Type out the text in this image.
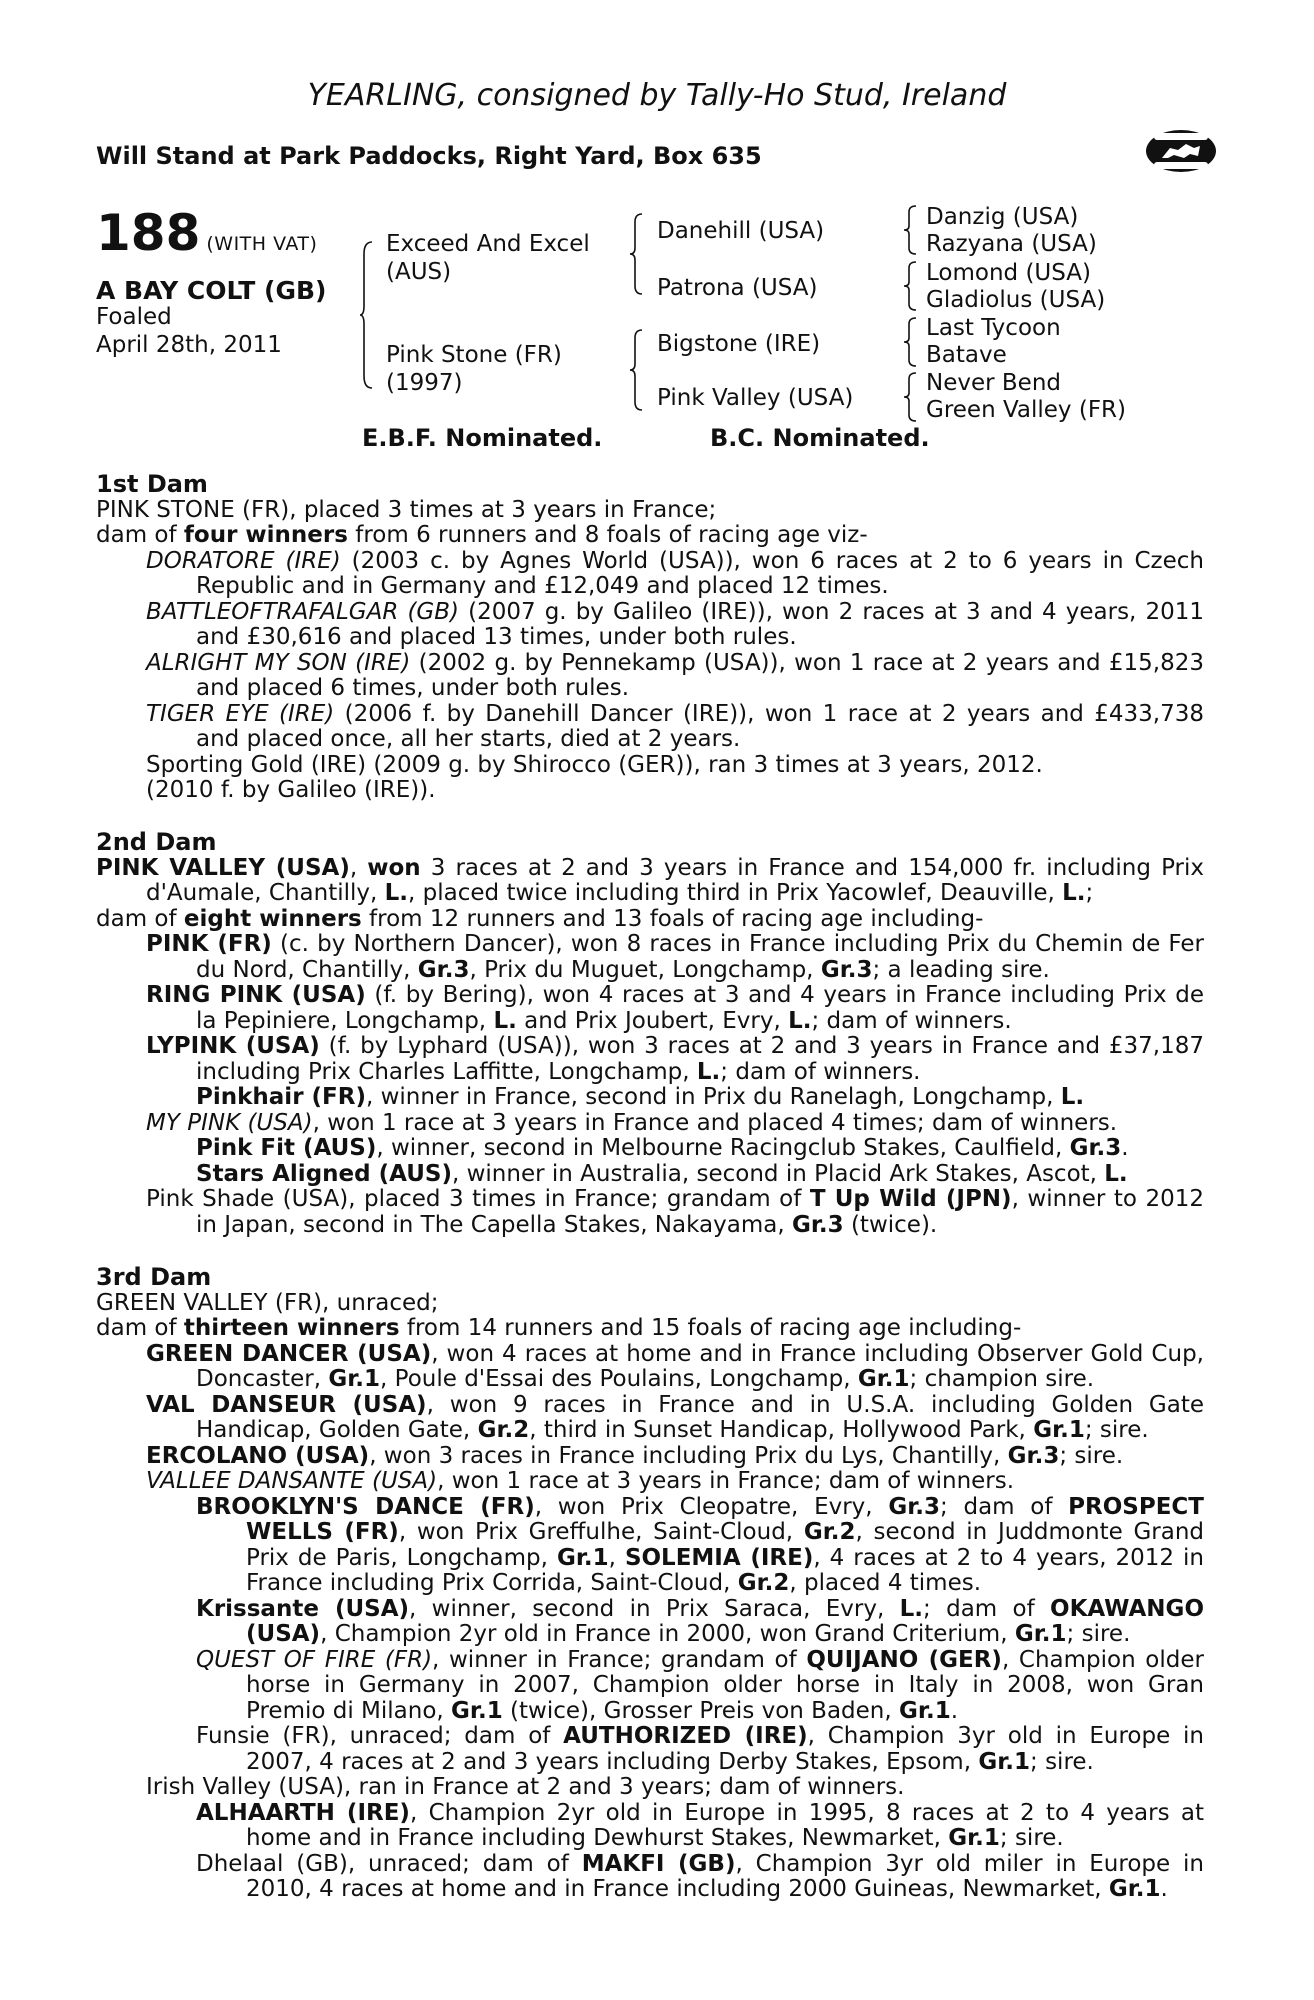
YEARLING, consigned by Tally-Ho Stud, Ireland
Will Stand at Park Paddocks, Right Yard, Box 635
188 (WITH VAT)
A BAY COLT (GB)
Foaled
April 28th, 2011
Exceed And Excel (AUS)
Pink Stone (FR) (1997)
Danehill (USA)
Patrona (USA)
Bigstone (IRE)
Pink Valley (USA)
Danzig (USA)
Razyana (USA)
Lomond (USA)
Gladiolus (USA)
Last Tycoon
Batave
Never Bend
Green Valley (FR)
E.B.F. Nominated.	B.C. Nominated.

1st Dam

PINK STONE (FR), placed 3 times at 3 years in France;

dam of four winners from 6 runners and 8 foals of racing age viz-

DORATORE (IRE) (2003 c. by Agnes World (USA)), won 6 races at 2 to 6 years in Czech Republic and in Germany and £12,049 and placed 12 times.

BATTLEOFTRAFALGAR (GB) (2007 g. by Galileo (IRE)), won 2 races at 3 and 4 years, 2011 and £30,616 and placed 13 times, under both rules.

ALRIGHT MY SON (IRE) (2002 g. by Pennekamp (USA)), won 1 race at 2 years and £15,823 and placed 6 times, under both rules.

TIGER EYE (IRE) (2006 f. by Danehill Dancer (IRE)), won 1 race at 2 years and £433,738 and placed once, all her starts, died at 2 years.

Sporting Gold (IRE) (2009 g. by Shirocco (GER)), ran 3 times at 3 years, 2012.

(2010 f. by Galileo (IRE)).

2nd Dam

PINK VALLEY (USA), won 3 races at 2 and 3 years in France and 154,000 fr. including Prix d'Aumale, Chantilly, L., placed twice including third in Prix Yacowlef, Deauville, L.;

dam of eight winners from 12 runners and 13 foals of racing age including-

PINK (FR) (c. by Northern Dancer), won 8 races in France including Prix du Chemin de Fer du Nord, Chantilly, Gr.3, Prix du Muguet, Longchamp, Gr.3; a leading sire.

RING PINK (USA) (f. by Bering), won 4 races at 3 and 4 years in France including Prix de la Pepiniere, Longchamp, L. and Prix Joubert, Evry, L.; dam of winners.

LYPINK (USA) (f. by Lyphard (USA)), won 3 races at 2 and 3 years in France and £37,187 including Prix Charles Laffitte, Longchamp, L.; dam of winners.

Pinkhair (FR), winner in France, second in Prix du Ranelagh, Longchamp, L.

MY PINK (USA), won 1 race at 3 years in France and placed 4 times; dam of winners.

Pink Fit (AUS), winner, second in Melbourne Racingclub Stakes, Caulfield, Gr.3.

Stars Aligned (AUS), winner in Australia, second in Placid Ark Stakes, Ascot, L.

Pink Shade (USA), placed 3 times in France; grandam of T Up Wild (JPN), winner to 2012 in Japan, second in The Capella Stakes, Nakayama, Gr.3 (twice).

3rd Dam

GREEN VALLEY (FR), unraced;

dam of thirteen winners from 14 runners and 15 foals of racing age including-

GREEN DANCER (USA), won 4 races at home and in France including Observer Gold Cup, Doncaster, Gr.1, Poule d'Essai des Poulains, Longchamp, Gr.1; champion sire.

VAL DANSEUR (USA), won 9 races in France and in U.S.A. including Golden Gate Handicap, Golden Gate, Gr.2, third in Sunset Handicap, Hollywood Park, Gr.1; sire.

ERCOLANO (USA), won 3 races in France including Prix du Lys, Chantilly, Gr.3; sire.

VALLEE DANSANTE (USA), won 1 race at 3 years in France; dam of winners.

BROOKLYN'S DANCE (FR), won Prix Cleopatre, Evry, Gr.3; dam of PROSPECT WELLS (FR), won Prix Greffulhe, Saint-Cloud, Gr.2, second in Juddmonte Grand Prix de Paris, Longchamp, Gr.1, SOLEMIA (IRE), 4 races at 2 to 4 years, 2012 in France including Prix Corrida, Saint-Cloud, Gr.2, placed 4 times.

Krissante (USA), winner, second in Prix Saraca, Evry, L.; dam of OKAWANGO (USA), Champion 2yr old in France in 2000, won Grand Criterium, Gr.1; sire.

QUEST OF FIRE (FR), winner in France; grandam of QUIJANO (GER), Champion older horse in Germany in 2007, Champion older horse in Italy in 2008, won Gran Premio di Milano, Gr.1 (twice), Grosser Preis von Baden, Gr.1.

Funsie (FR), unraced; dam of AUTHORIZED (IRE), Champion 3yr old in Europe in 2007, 4 races at 2 and 3 years including Derby Stakes, Epsom, Gr.1; sire.

Irish Valley (USA), ran in France at 2 and 3 years; dam of winners.

ALHAARTH (IRE), Champion 2yr old in Europe in 1995, 8 races at 2 to 4 years at home and in France including Dewhurst Stakes, Newmarket, Gr.1; sire.

Dhelaal (GB), unraced; dam of MAKFI (GB), Champion 3yr old miler in Europe in 2010, 4 races at home and in France including 2000 Guineas, Newmarket, Gr.1.
